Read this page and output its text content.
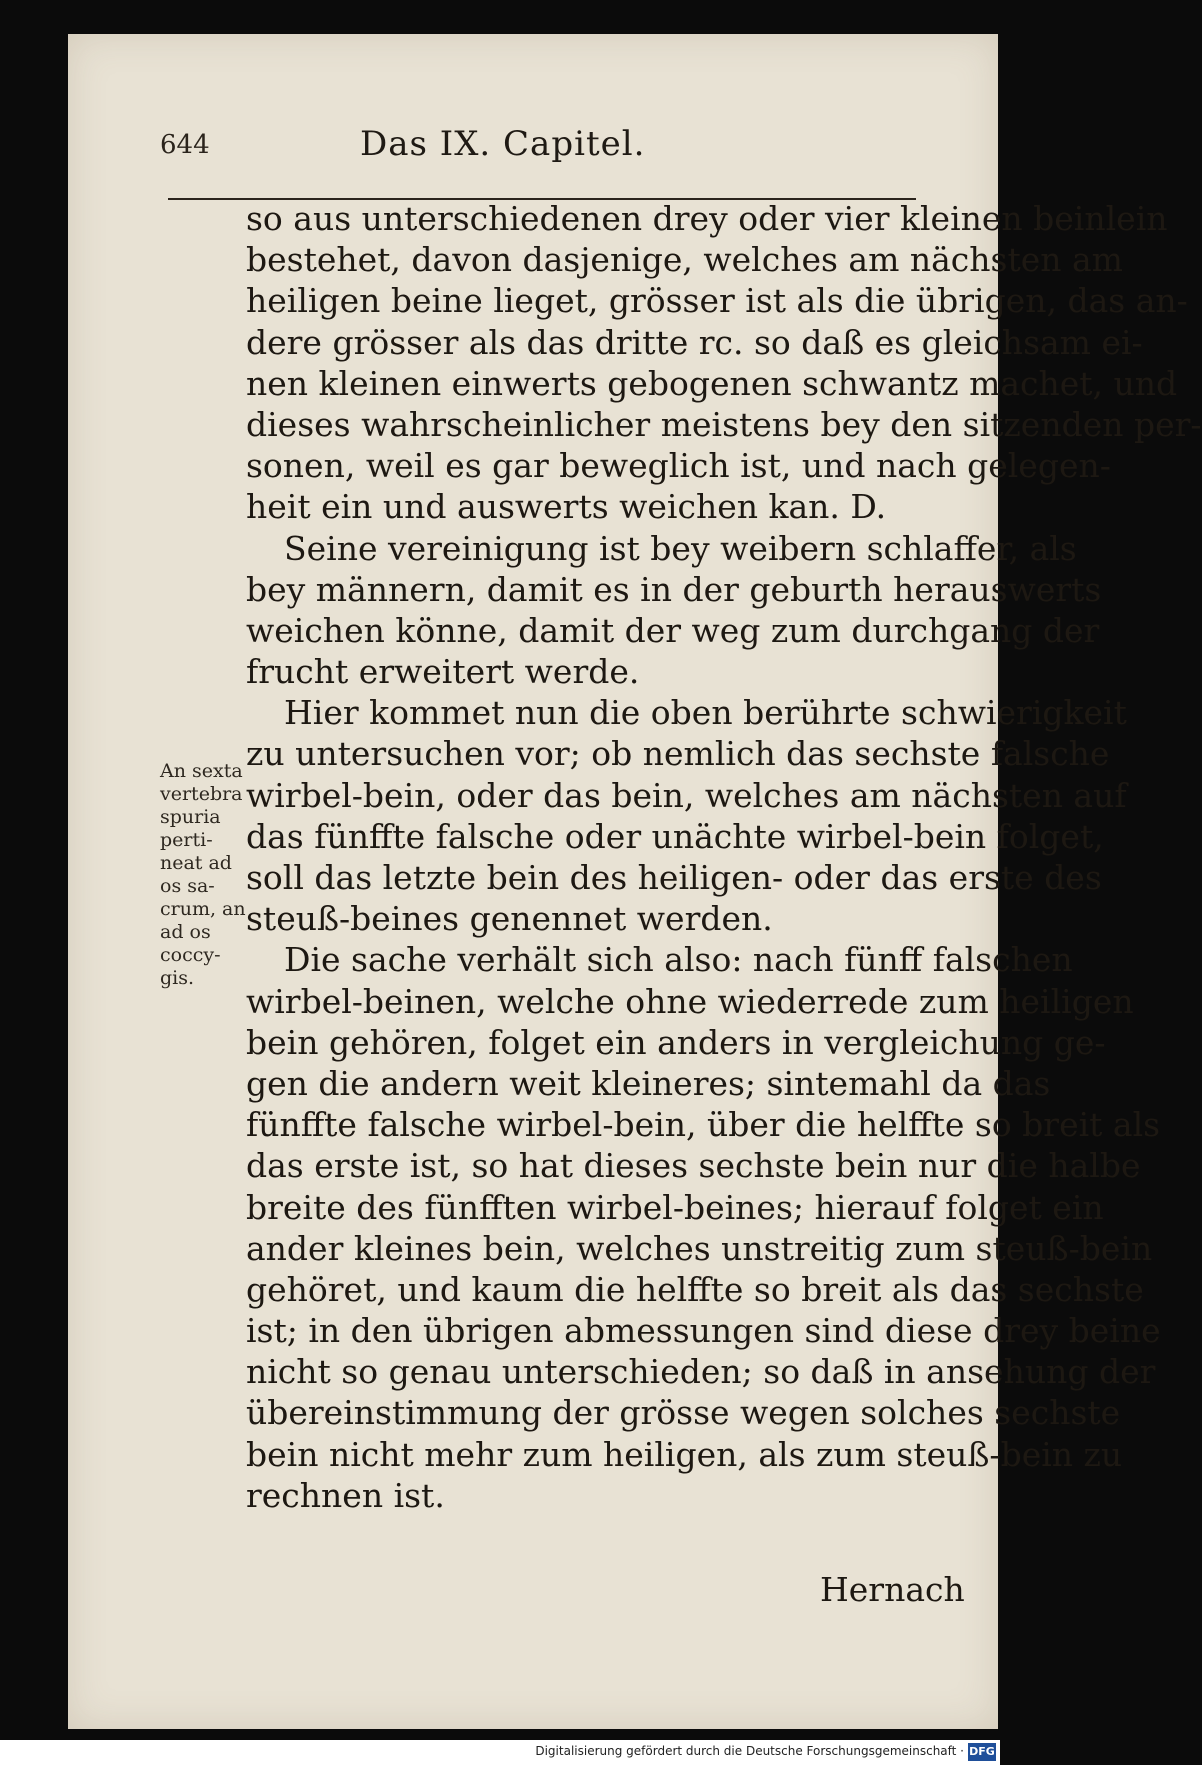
644	Das IX. Capitel.
so aus unterschiedenen drey oder vier kleinen beinlein
bestehet, davon dasjenige, welches am nächsten am
heiligen beine lieget, grösser ist als die übrigen, das an-
dere grösser als das dritte rc. so daß es gleichsam ei-
nen kleinen einwerts gebogenen schwantz machet, und
dieses wahrscheinlicher meistens bey den sitzenden per-
sonen, weil es gar beweglich ist, und nach gelegen-
heit ein und auswerts weichen kan. D.
Seine vereinigung ist bey weibern schlaffer, als
bey männern, damit es in der geburth herauswerts
weichen könne, damit der weg zum durchgang der
frucht erweitert werde.
Hier kommet nun die oben berührte schwierigkeit
zu untersuchen vor; ob nemlich das sechste falsche
wirbel-bein, oder das bein, welches am nächsten auf
das fünffte falsche oder unächte wirbel-bein folget,
soll das letzte bein des heiligen- oder das erste des
steuß-beines genennet werden.
Die sache verhält sich also: nach fünff falschen
wirbel-beinen, welche ohne wiederrede zum heiligen
bein gehören, folget ein anders in vergleichung ge-
gen die andern weit kleineres; sintemahl da das
fünffte falsche wirbel-bein, über die helffte so breit als
das erste ist, so hat dieses sechste bein nur die halbe
breite des fünfften wirbel-beines; hierauf folget ein
ander kleines bein, welches unstreitig zum steuß-bein
gehöret, und kaum die helffte so breit als das sechste
ist; in den übrigen abmessungen sind diese drey beine
nicht so genau unterschieden; so daß in ansehung der
übereinstimmung der grösse wegen solches sechste
bein nicht mehr zum heiligen, als zum steuß-bein zu
rechnen ist.
An sexta
vertebra
spuria
perti-
neat ad
os sa-
crum, an
ad os
coccy-
gis.
Hernach
Digitalisierung gefördert durch die Deutsche Forschungsgemeinschaft · DFG
